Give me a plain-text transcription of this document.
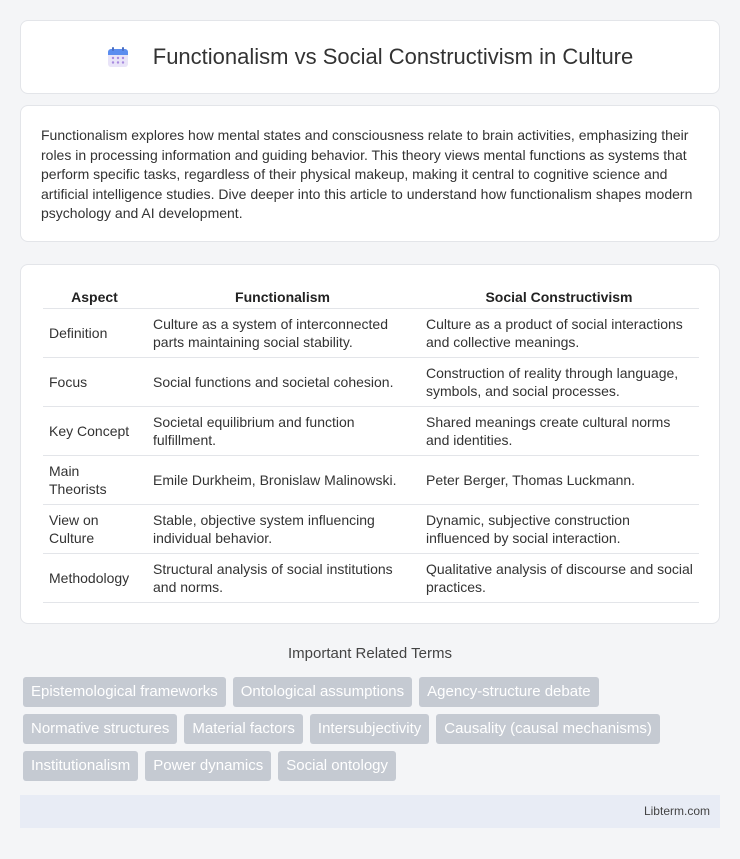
Functionalism vs Social Constructivism in Culture

Functionalism explores how mental states and consciousness relate to brain activities, emphasizing their roles in processing information and guiding behavior. This theory views mental functions as systems that perform specific tasks, regardless of their physical makeup, making it central to cognitive science and artificial intelligence studies. Dive deeper into this article to understand how functionalism shapes modern psychology and AI development.

Aspect	Functionalism	Social Constructivism
Definition	Culture as a system of interconnected parts maintaining social stability.	Culture as a product of social interactions and collective meanings.
Focus	Social functions and societal cohesion.	Construction of reality through language, symbols, and social processes.
Key Concept	Societal equilibrium and function fulfillment.	Shared meanings create cultural norms and identities.
Main Theorists	Emile Durkheim, Bronislaw Malinowski.	Peter Berger, Thomas Luckmann.
View on Culture	Stable, objective system influencing individual behavior.	Dynamic, subjective construction influenced by social interaction.
Methodology	Structural analysis of social institutions and norms.	Qualitative analysis of discourse and social practices.
Important Related Terms
Epistemological frameworks	Ontological assumptions	Agency-structure debate
Normative structures	Material factors	Intersubjectivity	Causality (causal mechanisms)
Institutionalism	Power dynamics	Social ontology
Libterm.com
